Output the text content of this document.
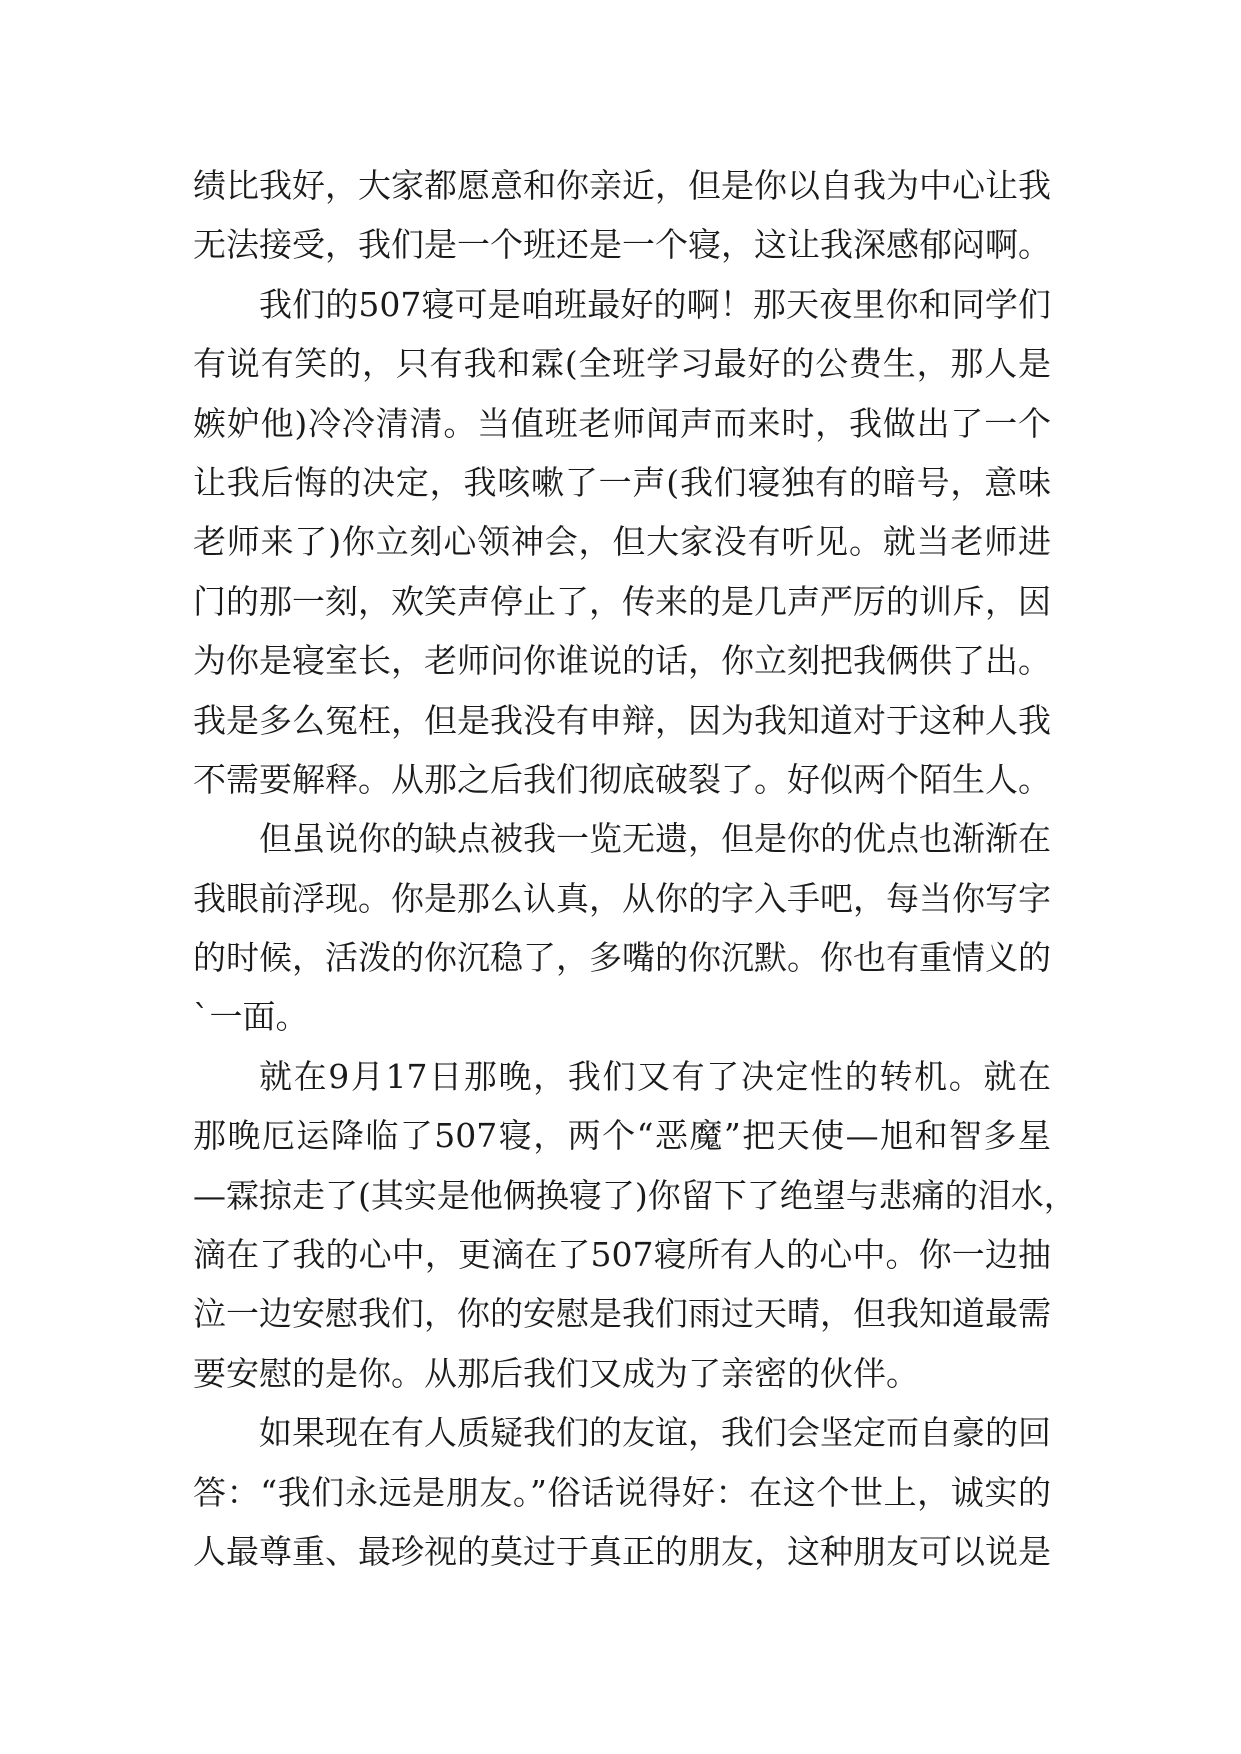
绩比我好，大家都愿意和你亲近，但是你以自我为中心让我
无法接受，我们是一个班还是一个寝，这让我深感郁闷啊。
我们的507寝可是咱班最好的啊！那天夜里你和同学们
有说有笑的，只有我和霖(全班学习最好的公费生，那人是
嫉妒他)冷冷清清。当值班老师闻声而来时，我做出了一个
让我后悔的决定，我咳嗽了一声(我们寝独有的暗号，意味
老师来了)你立刻心领神会，但大家没有听见。就当老师进
门的那一刻，欢笑声停止了，传来的是几声严厉的训斥，因
为你是寝室长，老师问你谁说的话，你立刻把我俩供了出。
我是多么冤枉，但是我没有申辩，因为我知道对于这种人我
不需要解释。从那之后我们彻底破裂了。好似两个陌生人。
但虽说你的缺点被我一览无遗，但是你的优点也渐渐在
我眼前浮现。你是那么认真，从你的字入手吧，每当你写字
的时候，活泼的你沉稳了，多嘴的你沉默。你也有重情义的
`一面。
就在9月17日那晚，我们又有了决定性的转机。就在
那晚厄运降临了507寝，两个“恶魔”把天使—旭和智多星
—霖掠走了(其实是他俩换寝了)你留下了绝望与悲痛的泪水，
滴在了我的心中，更滴在了507寝所有人的心中。你一边抽
泣一边安慰我们，你的安慰是我们雨过天晴，但我知道最需
要安慰的是你。从那后我们又成为了亲密的伙伴。
如果现在有人质疑我们的友谊，我们会坚定而自豪的回
答：“我们永远是朋友。”俗话说得好：在这个世上，诚实的
人最尊重、最珍视的莫过于真正的朋友，这种朋友可以说是
